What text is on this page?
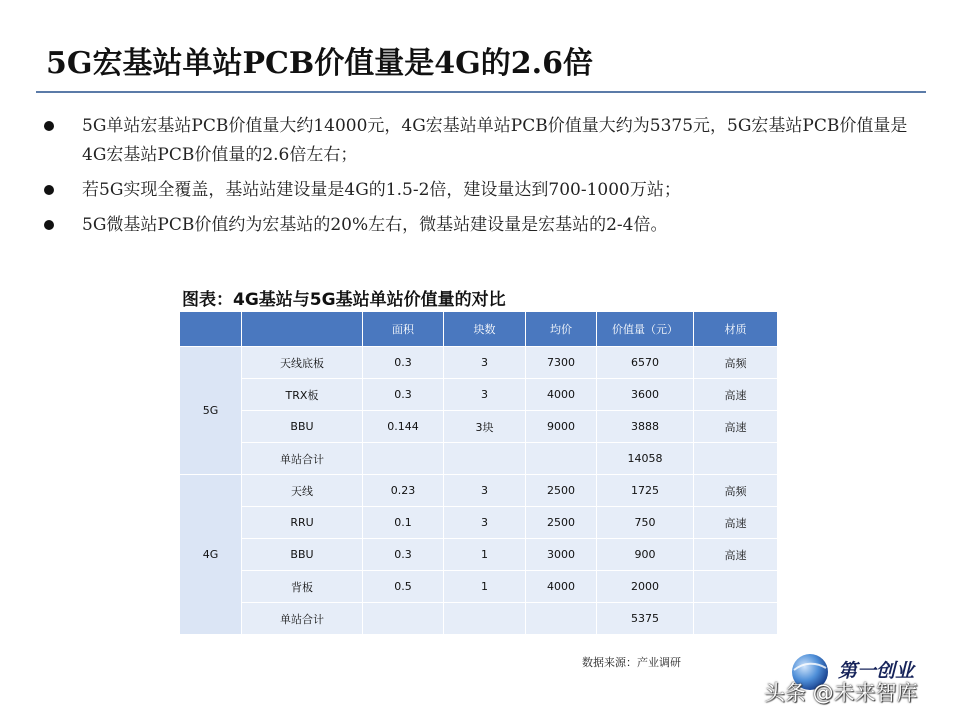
5G宏基站单站PCB价值量是4G的2.6倍
5G单站宏基站PCB价值量大约14000元，4G宏基站单站PCB价值量大约为5375元，5G宏基站PCB价值量是4G宏基站PCB价值量的2.6倍左右；
若5G实现全覆盖，基站站建设量是4G的1.5-2倍，建设量达到700-1000万站；
5G微基站PCB价值约为宏基站的20%左右，微基站建设量是宏基站的2-4倍。
图表：4G基站与5G基站单站价值量的对比
		面积	块数	均价	价值量（元）	材质
5G	天线底板	0.3	3	7300	6570	高频
	TRX板	0.3	3	4000	3600	高速
	BBU	0.144	3块	9000	3888	高速
	单站合计				14058	
4G	天线	0.23	3	2500	1725	高频
	RRU	0.1	3	2500	750	高速
	BBU	0.3	1	3000	900	高速
	背板	0.5	1	4000	2000	
	单站合计				5375	
数据来源：产业调研	第一创业
头条 @未来智库
